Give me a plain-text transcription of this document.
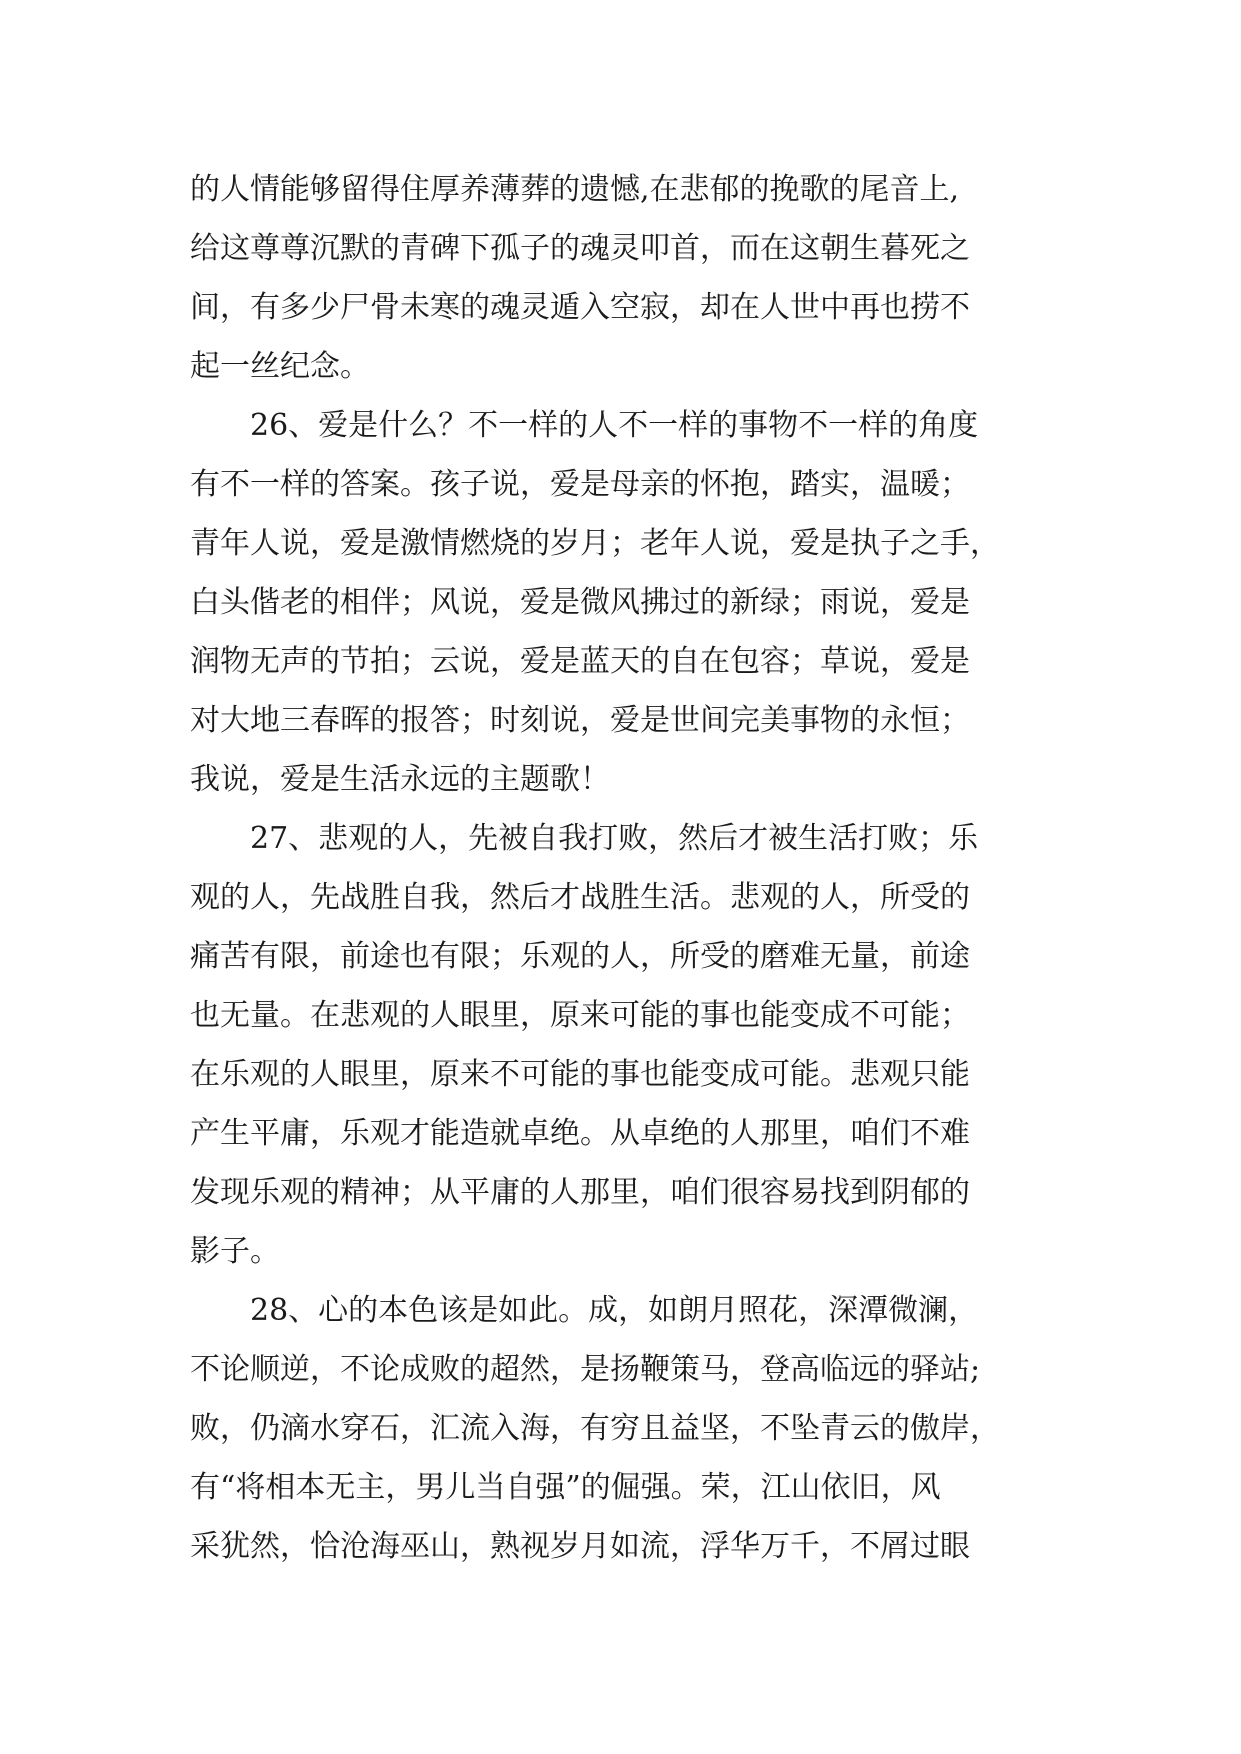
的人情能够留得住厚养薄葬的遗憾,在悲郁的挽歌的尾音上,
给这尊尊沉默的青碑下孤子的魂灵叩首，而在这朝生暮死之
间，有多少尸骨未寒的魂灵遁入空寂，却在人世中再也捞不
起一丝纪念。
26、爱是什么？不一样的人不一样的事物不一样的角度
有不一样的答案。孩子说，爱是母亲的怀抱，踏实，温暖；
青年人说，爱是激情燃烧的岁月；老年人说，爱是执子之手，
白头偕老的相伴；风说，爱是微风拂过的新绿；雨说，爱是
润物无声的节拍；云说，爱是蓝天的自在包容；草说，爱是
对大地三春晖的报答；时刻说，爱是世间完美事物的永恒；
我说，爱是生活永远的主题歌！
27、悲观的人，先被自我打败，然后才被生活打败；乐
观的人，先战胜自我，然后才战胜生活。悲观的人，所受的
痛苦有限，前途也有限；乐观的人，所受的磨难无量，前途
也无量。在悲观的人眼里，原来可能的事也能变成不可能；
在乐观的人眼里，原来不可能的事也能变成可能。悲观只能
产生平庸，乐观才能造就卓绝。从卓绝的人那里，咱们不难
发现乐观的精神；从平庸的人那里，咱们很容易找到阴郁的
影子。
28、心的本色该是如此。成，如朗月照花，深潭微澜，
不论顺逆，不论成败的超然，是扬鞭策马，登高临远的驿站;
败，仍滴水穿石，汇流入海，有穷且益坚，不坠青云的傲岸，
有“将相本无主，男儿当自强”的倔强。荣，江山依旧，风
采犹然，恰沧海巫山，熟视岁月如流，浮华万千，不屑过眼
